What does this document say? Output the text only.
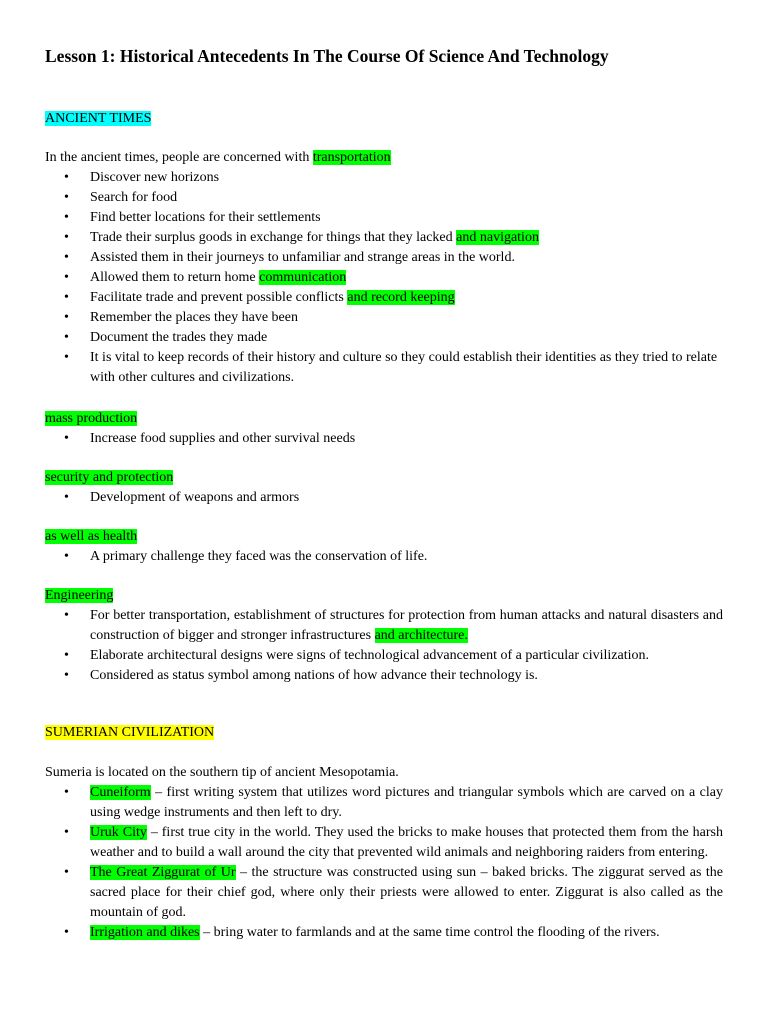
Lesson 1: Historical Antecedents In The Course Of Science And Technology
ANCIENT TIMES
In the ancient times, people are concerned with transportation
• Discover new horizons
• Search for food
• Find better locations for their settlements
• Trade their surplus goods in exchange for things that they lacked and navigation
• Assisted them in their journeys to unfamiliar and strange areas in the world.
• Allowed them to return home communication
• Facilitate trade and prevent possible conflicts and record keeping
• Remember the places they have been
• Document the trades they made
• It is vital to keep records of their history and culture so they could establish their identities as they tried to relate with other cultures and civilizations.
mass production
• Increase food supplies and other survival needs
security and protection
• Development of weapons and armors
as well as health
• A primary challenge they faced was the conservation of life.
Engineering
• For better transportation, establishment of structures for protection from human attacks and natural disasters and construction of bigger and stronger infrastructures and architecture.
• Elaborate architectural designs were signs of technological advancement of a particular civilization.
• Considered as status symbol among nations of how advance their technology is.
SUMERIAN CIVILIZATION
Sumeria is located on the southern tip of ancient Mesopotamia.
• Cuneiform – first writing system that utilizes word pictures and triangular symbols which are carved on a clay using wedge instruments and then left to dry.
• Uruk City – first true city in the world. They used the bricks to make houses that protected them from the harsh weather and to build a wall around the city that prevented wild animals and neighboring raiders from entering.
• The Great Ziggurat of Ur – the structure was constructed using sun – baked bricks. The ziggurat served as the sacred place for their chief god, where only their priests were allowed to enter. Ziggurat is also called as the mountain of god.
• Irrigation and dikes – bring water to farmlands and at the same time control the flooding of the rivers.
